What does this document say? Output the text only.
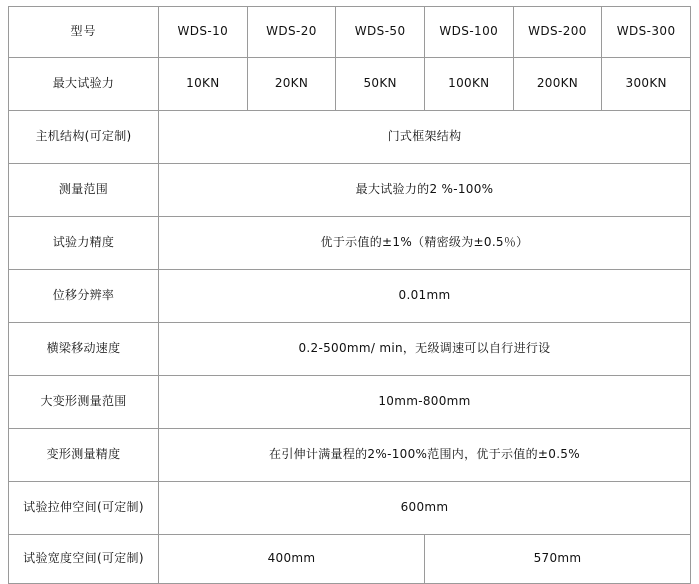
型号	WDS-10	WDS-20	WDS-50	WDS-100	WDS-200	WDS-300
最大试验力	10KN	20KN	50KN	100KN	200KN	300KN
主机结构(可定制)	门式框架结构					
测量范围	最大试验力的2 %-100%					
试验力精度	优于示值的±1%（精密级为±0.5％）					
位移分辨率	0.01mm					
横梁移动速度	0.2-500mm/ min，无级调速可以自行进行设					
大变形测量范围	10mm-800mm					
变形测量精度	在引伸计满量程的2%-100%范围内，优于示值的±0.5%					
试验拉伸空间(可定制)	600mm					
试验宽度空间(可定制)	400mm			570mm		
